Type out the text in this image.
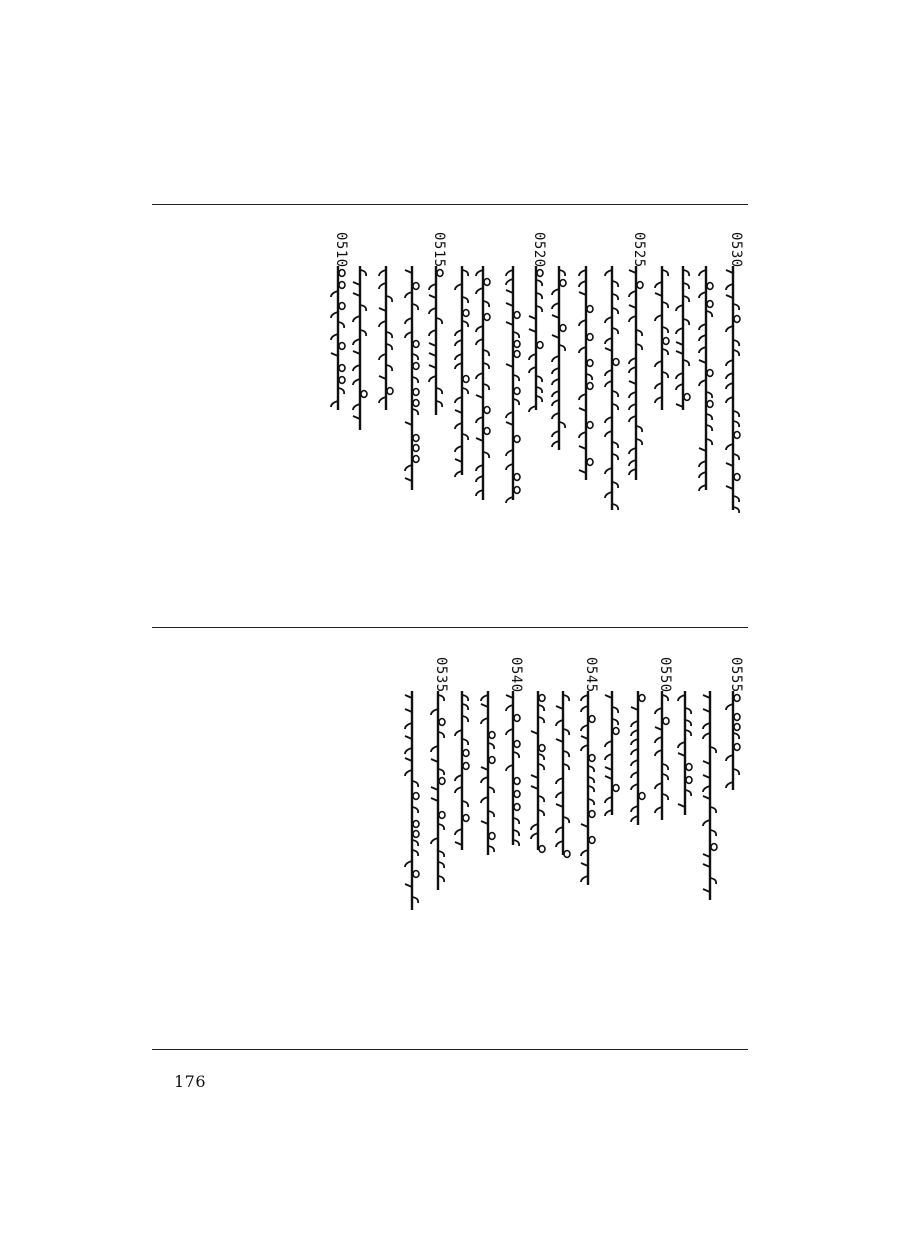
0530.
0525.
0520.
0515.
0510.
0555.
0550.
0545.
0540.
0535.
176
